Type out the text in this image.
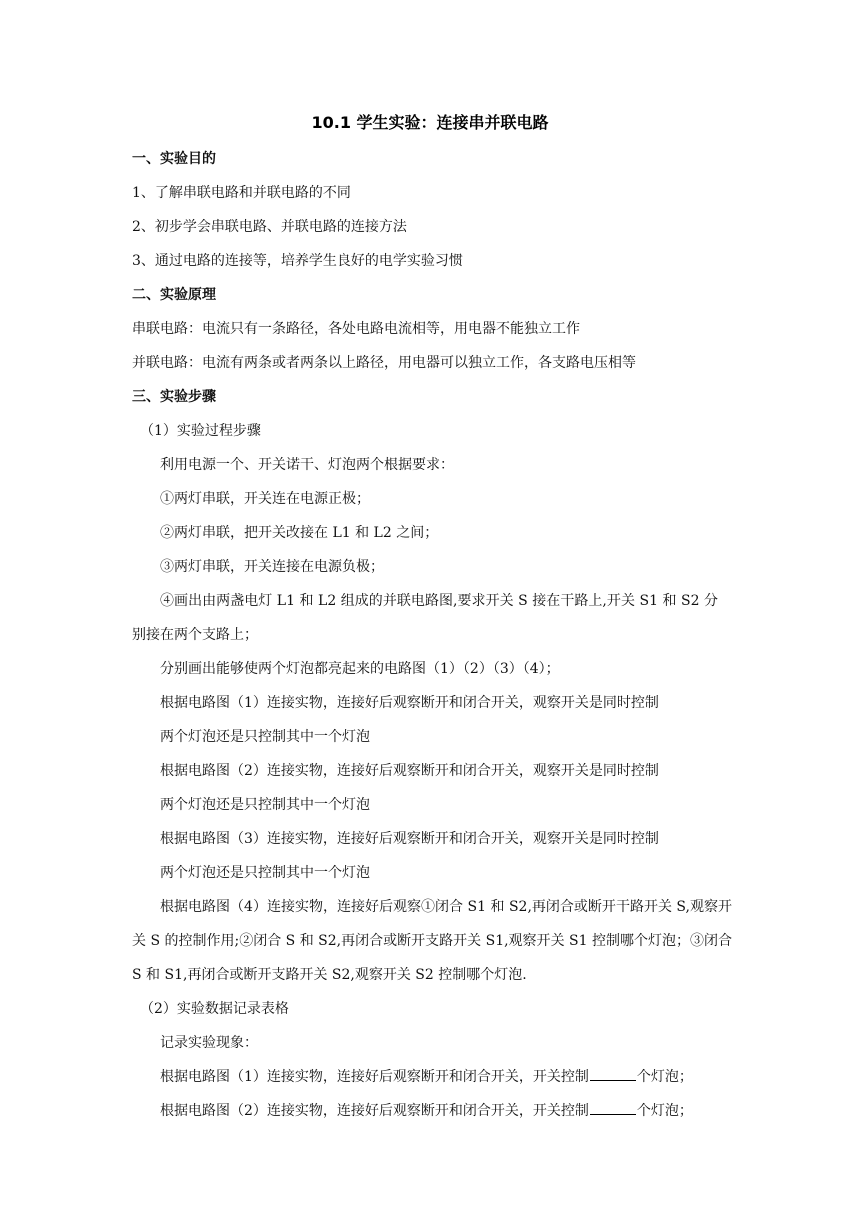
10.1 学生实验：连接串并联电路

一、实验目的

1、了解串联电路和并联电路的不同

2、初步学会串联电路、并联电路的连接方法

3、通过电路的连接等，培养学生良好的电学实验习惯

二、实验原理

串联电路：电流只有一条路径，各处电路电流相等，用电器不能独立工作

并联电路：电流有两条或者两条以上路径，用电器可以独立工作，各支路电压相等

三、实验步骤

（1）实验过程步骤

利用电源一个、开关诺干、灯泡两个根据要求：

①两灯串联，开关连在电源正极；

②两灯串联，把开关改接在 L1 和 L2 之间；

③两灯串联，开关连接在电源负极；

④画出由两盏电灯 L1 和 L2 组成的并联电路图,要求开关 S 接在干路上,开关 S1 和 S2 分别接在两个支路上；

分别画出能够使两个灯泡都亮起来的电路图（1）（2）（3）（4）；

根据电路图（1）连接实物，连接好后观察断开和闭合开关，观察开关是同时控制

两个灯泡还是只控制其中一个灯泡

根据电路图（2）连接实物，连接好后观察断开和闭合开关，观察开关是同时控制

两个灯泡还是只控制其中一个灯泡

根据电路图（3）连接实物，连接好后观察断开和闭合开关，观察开关是同时控制

两个灯泡还是只控制其中一个灯泡

根据电路图（4）连接实物，连接好后观察①闭合 S1 和 S2,再闭合或断开干路开关 S,观察开关 S 的控制作用;②闭合 S 和 S2,再闭合或断开支路开关 S1,观察开关 S1 控制哪个灯泡；③闭合 S 和 S1,再闭合或断开支路开关 S2,观察开关 S2 控制哪个灯泡.

（2）实验数据记录表格

记录实验现象：

根据电路图（1）连接实物，连接好后观察断开和闭合开关，开关控制	个灯泡；

根据电路图（2）连接实物，连接好后观察断开和闭合开关，开关控制	个灯泡；
